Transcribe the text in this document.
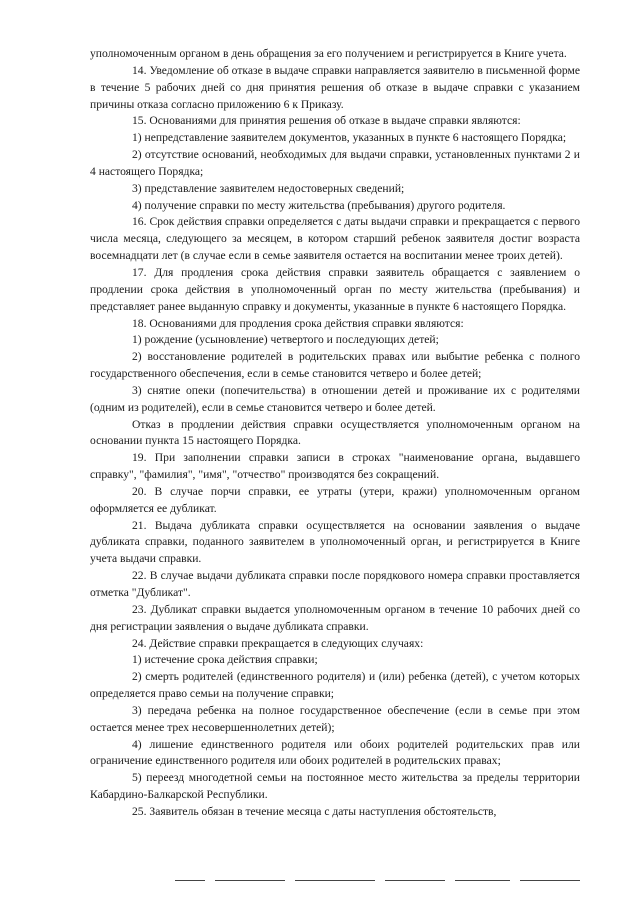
уполномоченным органом в день обращения за его получением и регистрируется в Книге учета.

14. Уведомление об отказе в выдаче справки направляется заявителю в письменной форме в течение 5 рабочих дней со дня принятия решения об отказе в выдаче справки с указанием причины отказа согласно приложению 6 к Приказу.

15. Основаниями для принятия решения об отказе в выдаче справки являются:

1) непредставление заявителем документов, указанных в пункте 6 настоящего Порядка;

2) отсутствие оснований, необходимых для выдачи справки, установленных пунктами 2 и 4 настоящего Порядка;

3) представление заявителем недостоверных сведений;

4) получение справки по месту жительства (пребывания) другого родителя.

16. Срок действия справки определяется с даты выдачи справки и прекращается с первого числа месяца, следующего за месяцем, в котором старший ребенок заявителя достиг возраста восемнадцати лет (в случае если в семье заявителя остается на воспитании менее троих детей).

17. Для продления срока действия справки заявитель обращается с заявлением о продлении срока действия в уполномоченный орган по месту жительства (пребывания) и представляет ранее выданную справку и документы, указанные в пункте 6 настоящего Порядка.

18. Основаниями для продления срока действия справки являются:

1) рождение (усыновление) четвертого и последующих детей;

2) восстановление родителей в родительских правах или выбытие ребенка с полного государственного обеспечения, если в семье становится четверо и более детей;

3) снятие опеки (попечительства) в отношении детей и проживание их с родителями (одним из родителей), если в семье становится четверо и более детей.

Отказ в продлении действия справки осуществляется уполномоченным органом на основании пункта 15 настоящего Порядка.

19. При заполнении справки записи в строках "наименование органа, выдавшего справку", "фамилия", "имя", "отчество" производятся без сокращений.

20. В случае порчи справки, ее утраты (утери, кражи) уполномоченным органом оформляется ее дубликат.

21. Выдача дубликата справки осуществляется на основании заявления о выдаче дубликата справки, поданного заявителем в уполномоченный орган, и регистрируется в Книге учета выдачи справки.

22. В случае выдачи дубликата справки после порядкового номера справки проставляется отметка "Дубликат".

23. Дубликат справки выдается уполномоченным органом в течение 10 рабочих дней со дня регистрации заявления о выдаче дубликата справки.

24. Действие справки прекращается в следующих случаях:

1) истечение срока действия справки;

2) смерть родителей (единственного родителя) и (или) ребенка (детей), с учетом которых определяется право семьи на получение справки;

3) передача ребенка на полное государственное обеспечение (если в семье при этом остается менее трех несовершеннолетних детей);

4) лишение единственного родителя или обоих родителей родительских прав или ограничение единственного родителя или обоих родителей в родительских правах;

5) переезд многодетной семьи на постоянное место жительства за пределы территории Кабардино-Балкарской Республики.

25. Заявитель обязан в течение месяца с даты наступления обстоятельств,
